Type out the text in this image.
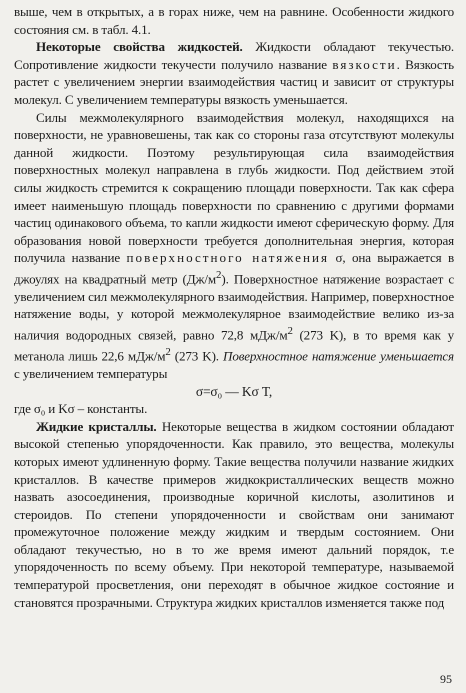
выше, чем в открытых, а в горах ниже, чем на равнине. Особенности жидкого состояния см. в табл. 4.1.

Некоторые свойства жидкостей. Жидкости обладают текучестью. Сопротивление жидкости текучести получило название вязкости. Вязкость растет с увеличением энергии взаимодействия частиц и зависит от структуры молекул. С увеличением температуры вязкость уменьшается.

Силы межмолекулярного взаимодействия молекул, находящихся на поверхности, не уравновешены, так как со стороны газа отсутствуют молекулы данной жидкости. Поэтому результирующая сила взаимодействия поверхностных молекул направлена в глубь жидкости. Под действием этой силы жидкость стремится к сокращению площади поверхности. Так как сфера имеет наименьшую площадь поверхности по сравнению с другими формами частиц одинакового объема, то капли жидкости имеют сферическую форму. Для образования новой поверхности требуется дополнительная энергия, которая получила название поверхностного натяжения σ, она выражается в джоулях на квадратный метр $(Дж/м^2)$. Поверхностное натяжение возрастает с увеличением сил межмолекулярного взаимодействия. Например, поверхностное натяжение воды, у которой межмолекулярное взаимодействие велико из-за наличия водородных связей, равно 72,8 мДж/$м^2$ (273 K), в то время как у метанола лишь 22,6 мДж/$м^2$ (273 K). Поверхностное натяжение уменьшается с увеличением температуры

σ=σ₀ — Kσ T,

где σ₀ и Kσ – константы.

Жидкие кристаллы. Некоторые вещества в жидком состоянии обладают высокой степенью упорядоченности. Как правило, это вещества, молекулы которых имеют удлиненную форму. Такие вещества получили название жидких кристаллов. В качестве примеров жидкокристаллических веществ можно назвать азосоединения, производные коричной кислоты, азолитинов и стероидов. По степени упорядоченности и свойствам они занимают промежуточное положение между жидким и твердым состоянием. Они обладают текучестью, но в то же время имеют дальний порядок, т.е упорядоченность по всему объему. При некоторой температуре, называемой температурой просветления, они переходят в обычное жидкое состояние и становятся прозрачными. Структура жидких кристаллов изменяется также под

95
